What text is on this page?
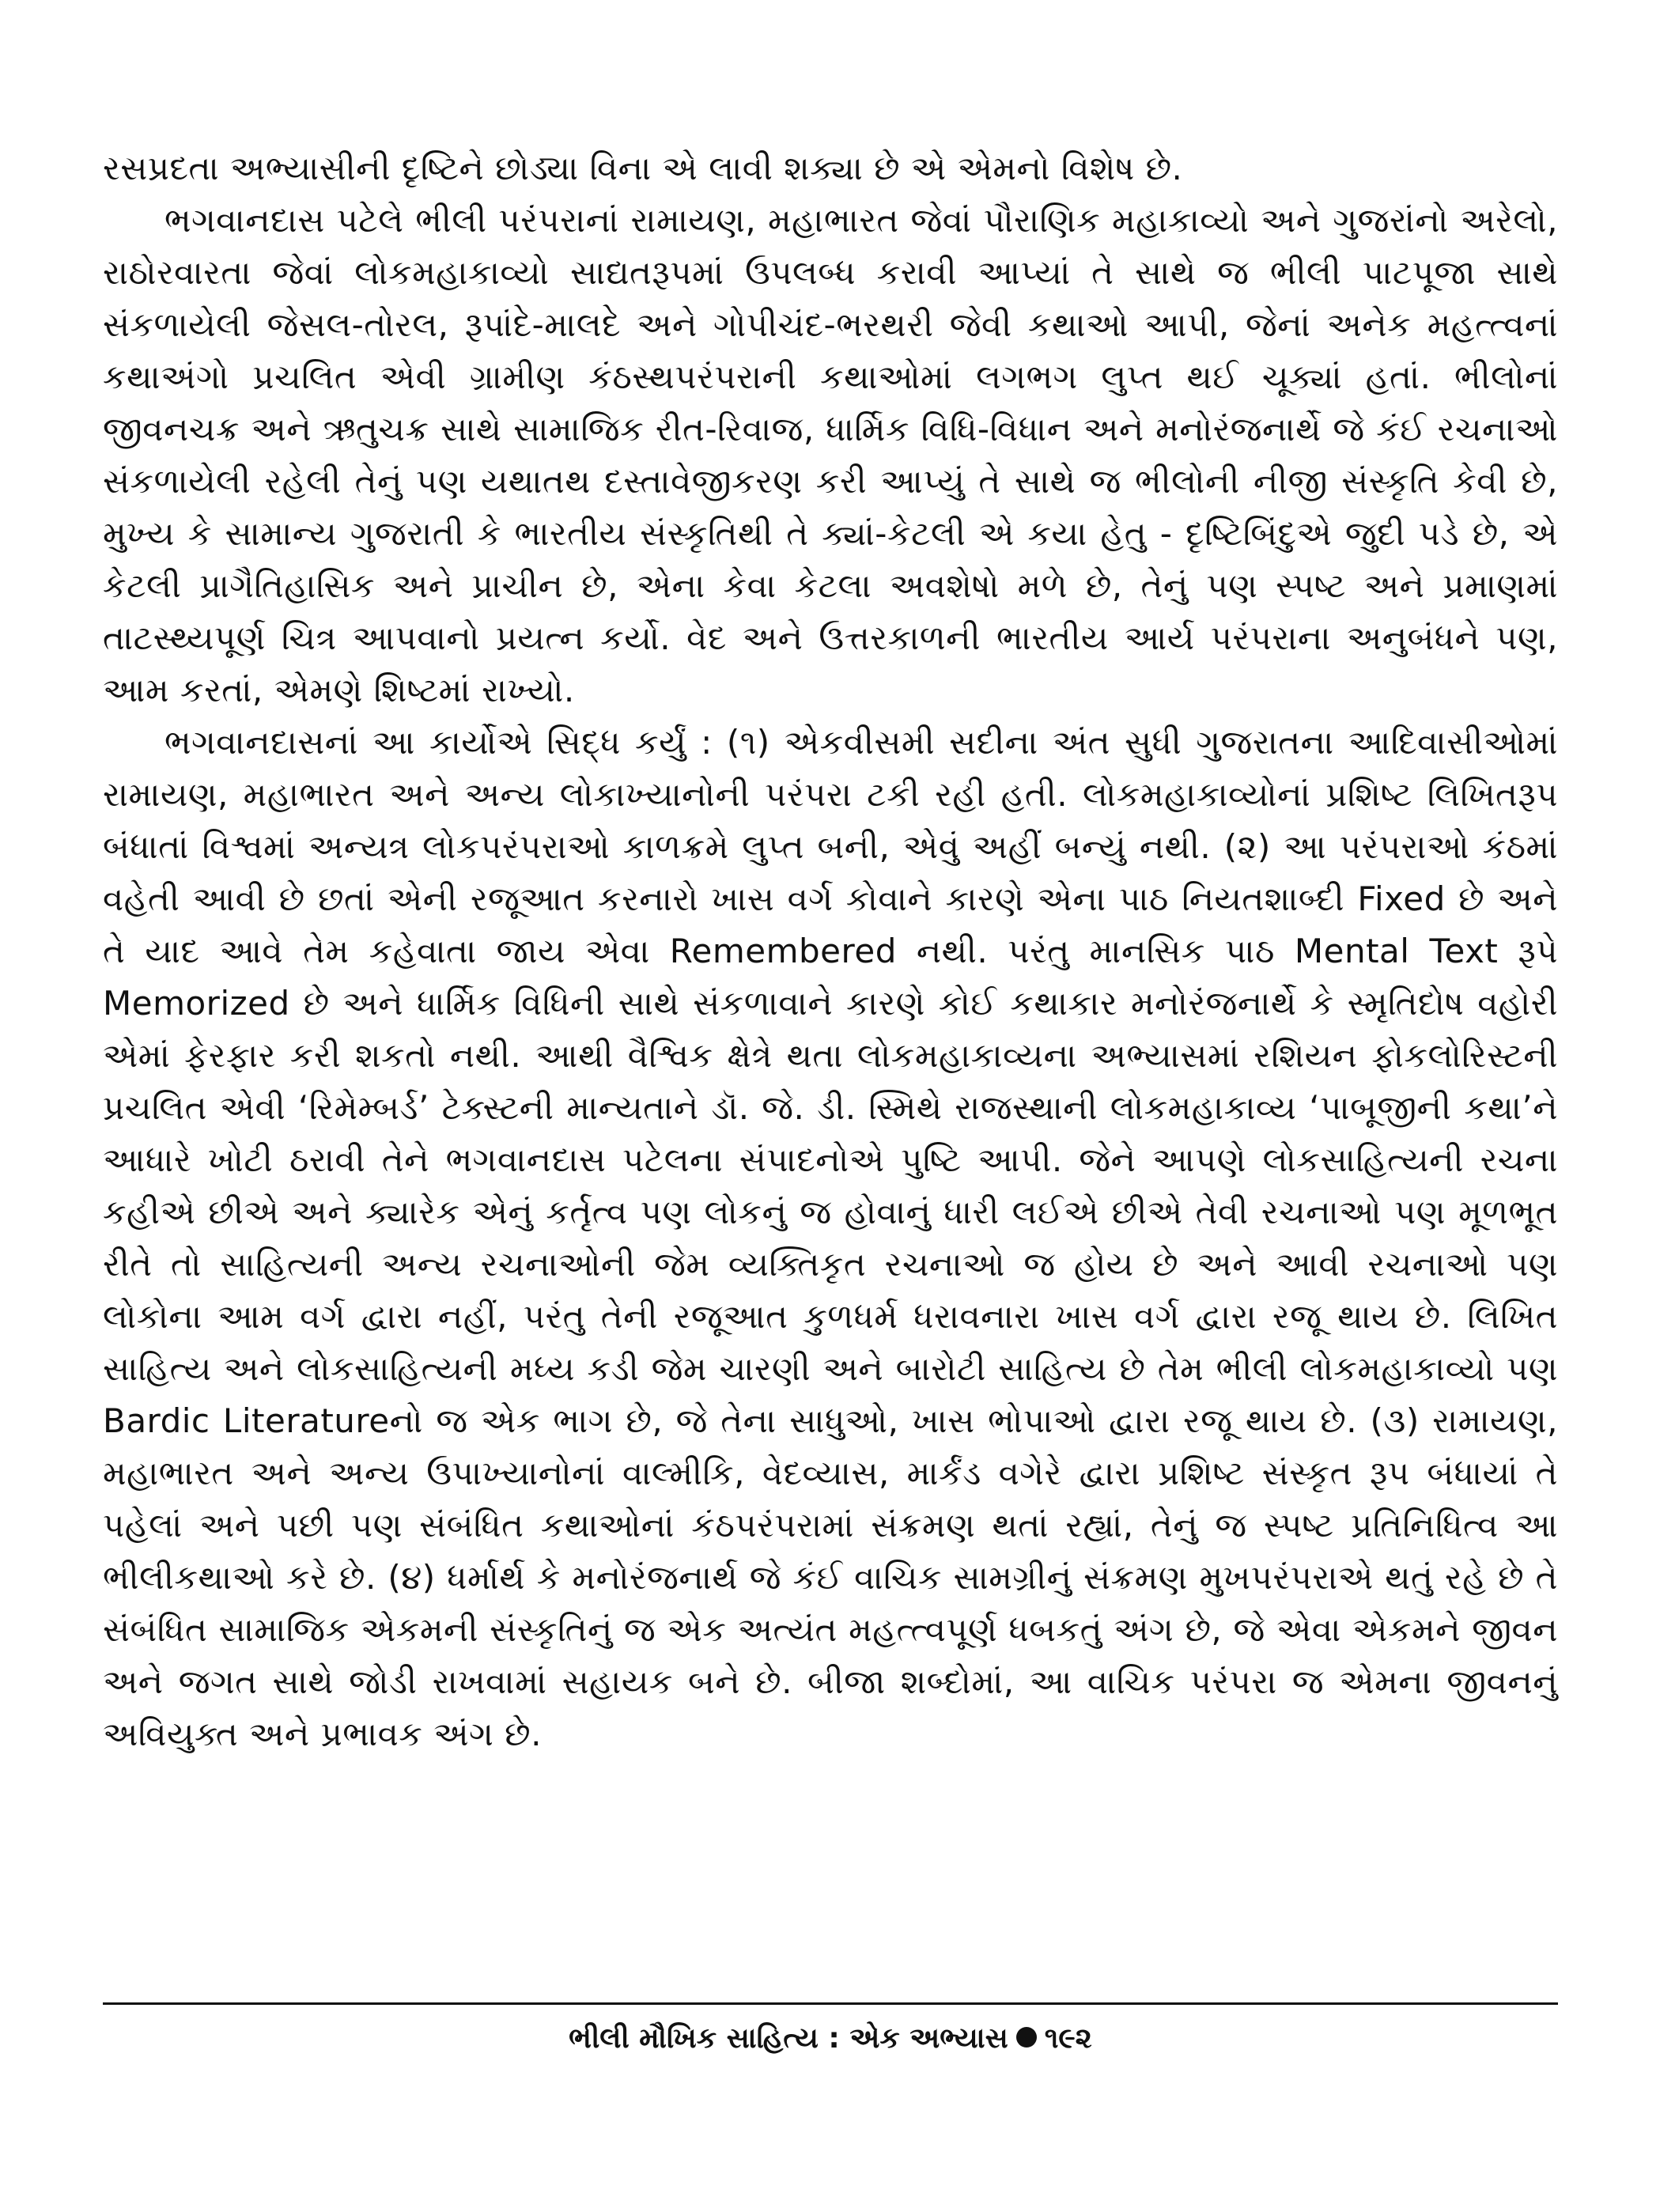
રસપ્રદતા અભ્યાસીની દૃષ્ટિને છોડ્યા વિના એ લાવી શક્યા છે એ એમનો વિશેષ છે.

ભગવાનદાસ પટેલે ભીલી પરંપરાનાં રામાયણ, મહાભારત જેવાં પૌરાણિક મહાકાવ્યો અને ગુજરાંનો અરેલો, રાઠોરવારતા જેવાં લોકમહાકાવ્યો સાદ્યતરૂપમાં ઉપલબ્ધ કરાવી આપ્યાં તે સાથે જ ભીલી પાટપૂજા સાથે સંકળાયેલી જેસલ-તોરલ, રૂપાંદે-માલદે અને ગોપીચંદ-ભરથરી જેવી કથાઓ આપી, જેનાં અનેક મહત્ત્વનાં કથાઅંગો પ્રચલિત એવી ગ્રામીણ કંઠસ્થપરંપરાની કથાઓમાં લગભગ લુપ્ત થઈ ચૂક્યાં હતાં. ભીલોનાં જીવનચક્ર અને ઋતુચક્ર સાથે સામાજિક રીત-રિવાજ, ધાર્મિક વિધિ-વિધાન અને મનોરંજનાર્થે જે કંઈ રચનાઓ સંકળાયેલી રહેલી તેનું પણ યથાતથ દસ્તાવેજીકરણ કરી આપ્યું તે સાથે જ ભીલોની નીજી સંસ્કૃતિ કેવી છે, મુખ્ય કે સામાન્ય ગુજરાતી કે ભારતીય સંસ્કૃતિથી તે ક્યાં-કેટલી એ કયા હેતુ - દૃષ્ટિબિંદુએ જુદી પડે છે, એ કેટલી પ્રાગૈતિહાસિક અને પ્રાચીન છે, એના કેવા કેટલા અવશેષો મળે છે, તેનું પણ સ્પષ્ટ અને પ્રમાણમાં તાટસ્થ્યપૂર્ણ ચિત્ર આપવાનો પ્રયત્ન કર્યો. વેદ અને ઉત્તરકાળની ભારતીય આર્ય પરંપરાના અનુબંધને પણ, આમ કરતાં, એમણે શિષ્ટમાં રાખ્યો.

ભગવાનદાસનાં આ કાર્યોએ સિદ્ધ કર્યું : (૧) એકવીસમી સદીના અંત સુધી ગુજરાતના આદિવાસીઓમાં રામાયણ, મહાભારત અને અન્ય લોકાખ્યાનોની પરંપરા ટકી રહી હતી. લોકમહાકાવ્યોનાં પ્રશિષ્ટ લિખિતરૂપ બંધાતાં વિશ્વમાં અન્યત્ર લોકપરંપરાઓ કાળક્રમે લુપ્ત બની, એવું અહીં બન્યું નથી. (૨) આ પરંપરાઓ કંઠમાં વહેતી આવી છે છતાં એની રજૂઆત કરનારો ખાસ વર્ગ કોવાને કારણે એના પાઠ નિયતશાબ્દી Fixed છે અને તે યાદ આવે તેમ કહેવાતા જાય એવા Remembered નથી. પરંતુ માનસિક પાઠ Mental Text રૂપે Memorized છે અને ધાર્મિક વિધિની સાથે સંકળાવાને કારણે કોઈ કથાકાર મનોરંજનાર્થે કે સ્મૃતિદોષ વહોરી એમાં ફેરફાર કરી શકતો નથી. આથી વૈશ્વિક ક્ષેત્રે થતા લોકમહાકાવ્યના અભ્યાસમાં રશિયન ફોકલોરિસ્ટની પ્રચલિત એવી ‘રિમેમ્બર્ડ’ ટેક્સ્ટની માન્યતાને ડૉ. જે. ડી. સ્મિથે રાજસ્થાની લોકમહાકાવ્ય ‘પાબૂજીની કથા’ને આધારે ખોટી ઠરાવી તેને ભગવાનદાસ પટેલના સંપાદનોએ પુષ્ટિ આપી. જેને આપણે લોકસાહિત્યની રચના કહીએ છીએ અને ક્યારેક એનું કર્તૃત્વ પણ લોકનું જ હોવાનું ધારી લઈએ છીએ તેવી રચનાઓ પણ મૂળભૂત રીતે તો સાહિત્યની અન્ય રચનાઓની જેમ વ્યક્તિકૃત રચનાઓ જ હોય છે અને આવી રચનાઓ પણ લોકોના આમ વર્ગ દ્વારા નહીં, પરંતુ તેની રજૂઆત કુળધર્મ ધરાવનારા ખાસ વર્ગ દ્વારા રજૂ થાય છે. લિખિત સાહિત્ય અને લોકસાહિત્યની મધ્ય કડી જેમ ચારણી અને બારોટી સાહિત્ય છે તેમ ભીલી લોકમહાકાવ્યો પણ Bardic Literatureનો જ એક ભાગ છે, જે તેના સાધુઓ, ખાસ ભોપાઓ દ્વારા રજૂ થાય છે. (૩) રામાયણ, મહાભારત અને અન્ય ઉપાખ્યાનોનાં વાલ્મીકિ, વેદવ્યાસ, માર્કંડ વગેરે દ્વારા પ્રશિષ્ટ સંસ્કૃત રૂપ બંધાયાં તે પહેલાં અને પછી પણ સંબંધિત કથાઓનાં કંઠપરંપરામાં સંક્રમણ થતાં રહ્યાં, તેનું જ સ્પષ્ટ પ્રતિનિધિત્વ આ ભીલીકથાઓ કરે છે. (૪) ધર્માર્થ કે મનોરંજનાર્થ જે કંઈ વાચિક સામગ્રીનું સંક્રમણ મુખપરંપરાએ થતું રહે છે તે સંબંધિત સામાજિક એકમની સંસ્કૃતિનું જ એક અત્યંત મહત્ત્વપૂર્ણ ધબકતું અંગ છે, જે એવા એકમને જીવન અને જગત સાથે જોડી રાખવામાં સહાયક બને છે. બીજા શબ્દોમાં, આ વાચિક પરંપરા જ એમના જીવનનું અવિયુક્ત અને પ્રભાવક અંગ છે.

ભીલી મૌખિક સાહિત્ય : એક અભ્યાસ ૧૯૨
